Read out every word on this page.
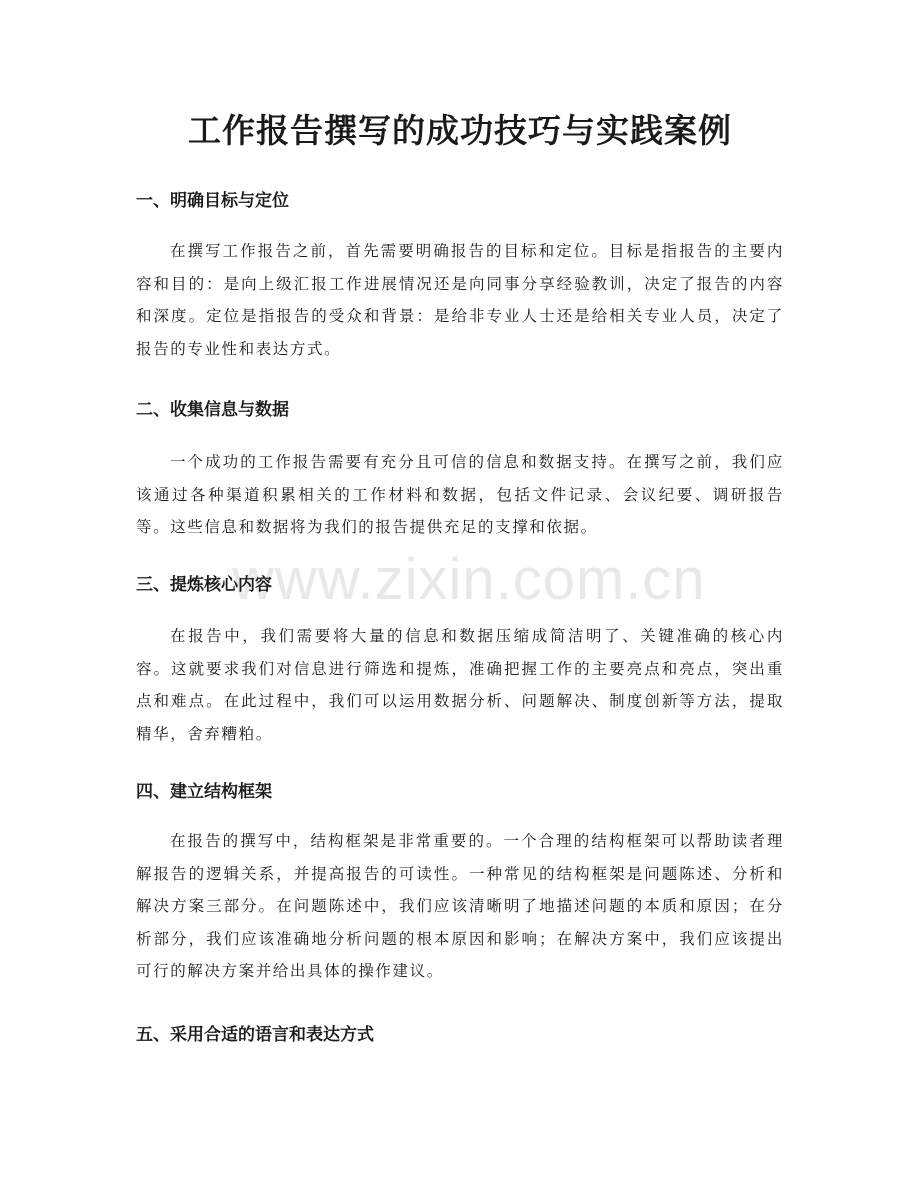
www.zixin.com.cn
工作报告撰写的成功技巧与实践案例
一、明确目标与定位

在撰写工作报告之前，首先需要明确报告的目标和定位。目标是指报告的主要内容和目的：是向上级汇报工作进展情况还是向同事分享经验教训，决定了报告的内容和深度。定位是指报告的受众和背景：是给非专业人士还是给相关专业人员，决定了报告的专业性和表达方式。

二、收集信息与数据

一个成功的工作报告需要有充分且可信的信息和数据支持。在撰写之前，我们应该通过各种渠道积累相关的工作材料和数据，包括文件记录、会议纪要、调研报告等。这些信息和数据将为我们的报告提供充足的支撑和依据。

三、提炼核心内容

在报告中，我们需要将大量的信息和数据压缩成简洁明了、关键准确的核心内容。这就要求我们对信息进行筛选和提炼，准确把握工作的主要亮点和亮点，突出重点和难点。在此过程中，我们可以运用数据分析、问题解决、制度创新等方法，提取精华，舍弃糟粕。

四、建立结构框架

在报告的撰写中，结构框架是非常重要的。一个合理的结构框架可以帮助读者理解报告的逻辑关系，并提高报告的可读性。一种常见的结构框架是问题陈述、分析和解决方案三部分。在问题陈述中，我们应该清晰明了地描述问题的本质和原因；在分析部分，我们应该准确地分析问题的根本原因和影响；在解决方案中，我们应该提出可行的解决方案并给出具体的操作建议。

五、采用合适的语言和表达方式
